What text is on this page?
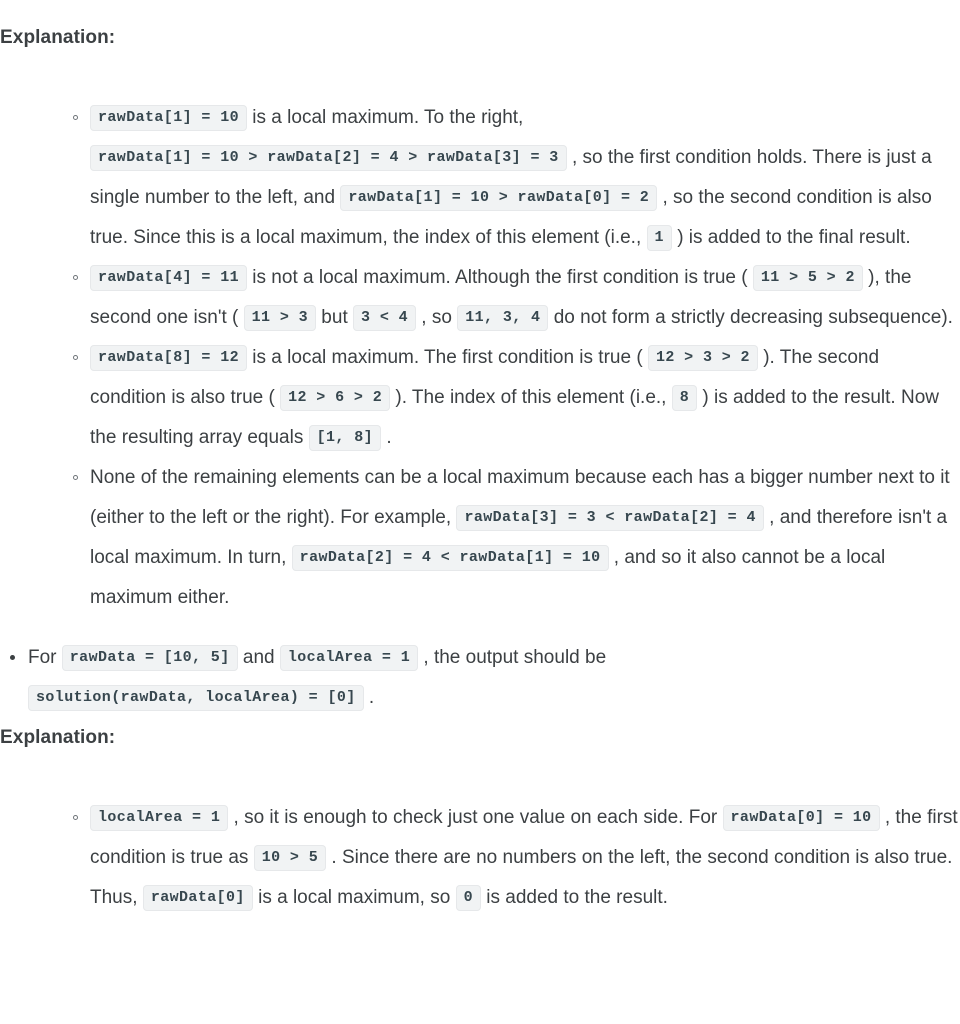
Explanation:
rawData[1] = 10 is a local maximum. To the right, rawData[1] = 10 > rawData[2] = 4 > rawData[3] = 3 , so the first condition holds. There is just a single number to the left, and rawData[1] = 10 > rawData[0] = 2 , so the second condition is also true. Since this is a local maximum, the index of this element (i.e., 1 ) is added to the final result.
rawData[4] = 11 is not a local maximum. Although the first condition is true ( 11 > 5 > 2 ), the second one isn't ( 11 > 3 but 3 < 4 , so 11, 3, 4 do not form a strictly decreasing subsequence).
rawData[8] = 12 is a local maximum. The first condition is true ( 12 > 3 > 2 ). The second condition is also true ( 12 > 6 > 2 ). The index of this element (i.e., 8 ) is added to the result. Now the resulting array equals [1, 8] .
None of the remaining elements can be a local maximum because each has a bigger number next to it (either to the left or the right). For example, rawData[3] = 3 < rawData[2] = 4 , and therefore isn't a local maximum. In turn, rawData[2] = 4 < rawData[1] = 10 , and so it also cannot be a local maximum either.
For rawData = [10, 5] and localArea = 1 , the output should be
solution(rawData, localArea) = [0] .
Explanation:
localArea = 1 , so it is enough to check just one value on each side. For rawData[0] = 10 , the first condition is true as 10 > 5 . Since there are no numbers on the left, the second condition is also true. Thus, rawData[0] is a local maximum, so 0 is added to the result.
